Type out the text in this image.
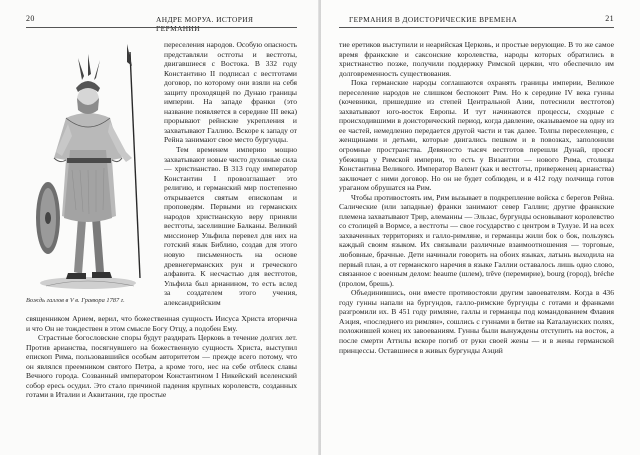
20	АНДРЕ МОРУА. ИСТОРИЯ ГЕРМАНИИ
Вождь галлов в V в. Гравюра 1787 г.

переселения народов. Особую опасность представляли остготы и вестготы, двигавшиеся с Востока. В 332 году Константино II подписал с вестготами договор, по которому они взяли на себя защиту проходящей по Дунаю границы империи. На западе франки (это название появляется в середине III века) прорывают рейнские укрепления и захватывают Галлию. Вскоре к западу от Рейна занимают свое место бургунды.

Тем временем империю мощно захватывают новые чисто духовные сила — христианство. В 313 году император Константин I провозглашает это религию, и германский мир постепенно открывается святым епископам и проповедям. Первыми из германских народов христианскую веру приняли вестготы, заселившие Балканы. Великий миссионер Ульфила перевел для них на готский язык Библию, создав для этого новую письменность на основе древнегерманских рун и греческого алфавита. К несчастью для вестготов, Ульфила был арианином, то есть вслед за создателем этого учения, александрийским

священником Арием, верил, что божественная сущность Иисуса Христа вторична и что Он не тождествен в этом смысле Богу Отцу, а подобен Ему.

Страстные богословские споры будут раздирать Церковь в течение долгих лет. Против арианства, посягнувшего на божественную сущность Христа, выступил епископ Рима, пользовавшийся особым авторитетом — прежде всего потому, что он являлся преемником святого Петра, а кроме того, нес на себе отблеск славы Вечного города. Созванный императором Константином I Никейский вселенский собор ересь осудил. Это стало причиной падения крупных королевств, созданных готами в Италии и Аквитании, где простые

ГЕРМАНИЯ В ДОИСТОРИЧЕСКИЕ ВРЕМЕНА	21

тие еретиков выступили и неарийская Церковь, и простые верующие. В то же самое время франкские и саксонские королевства, народы которых обратились в христианство позже, получили поддержку Римской церкви, что обеспечило им долговременность существования.

Пока германские народы соглашаются охранять границы империи, Великое переселение народов не слишком беспокоит Рим. Но к середине IV века гунны (кочевники, пришедшие из степей Центральной Азии, потеснили вестготов) захватывают юго-восток Европы. И тут начинаются процессы, сходные с происходившими в доисторический период, когда давление, оказываемое на одну из ее частей, немедленно передается другой части и так далее. Толпы переселенцев, с женщинами и детьми, которые двигались пешком и в повозках, заполонили огромные пространства. Девяносто тысяч вестготов перешли Дунай, просят убежища у Римской империи, то есть у Византии — нового Рима, столицы Константина Великого. Император Валент (как и вестготы, приверженец арианства) заключает с ними договор. Но он не будет соблюден, и в 412 году полчища готов ураганом обрушатся на Рим.

Чтобы противостоять им, Рим вызывает в подкрепление войска с берегов Рейна. Салические (или западные) франки занимают север Галлии; другие франкские племена захватывают Трир, алеманны — Эльзас, бургунды основывают королевство со столицей в Вормсе, а вестготы — свое государство с центром в Тулузе. И на всех захваченных территориях и галло-римляне, и германцы жили бок о бок, пользуясь каждый своим языком. Их связывали различные взаимоотношения — торговые, любовные, брачные. Дети начинали говорить на обоих языках, латынь выходила на первый план, а от германского наречия в языке Галлии оставалось лишь одно слово, связанное с военным делом: heaume (шлем), trêve (перемирие), bourg (город), bréche (пролом, брешь).

Объединившись, они вместе противостояли другим завоевателям. Когда в 436 году гунны напали на бургундов, галло-римские бургунды с готами и франками разгромили их. В 451 году римляне, галлы и германцы под командованием Флавия Аэция, «последнего из римлян», сошлись с гуннами в битве на Каталаунских полях, положившей конец их завоеваниям. Гунны были вынуждены отступить на восток, а после смерти Аттилы вскоре погиб от руки своей жены — и в жены германской принцессы. Оставшиеся в живых бургунды Аэций
